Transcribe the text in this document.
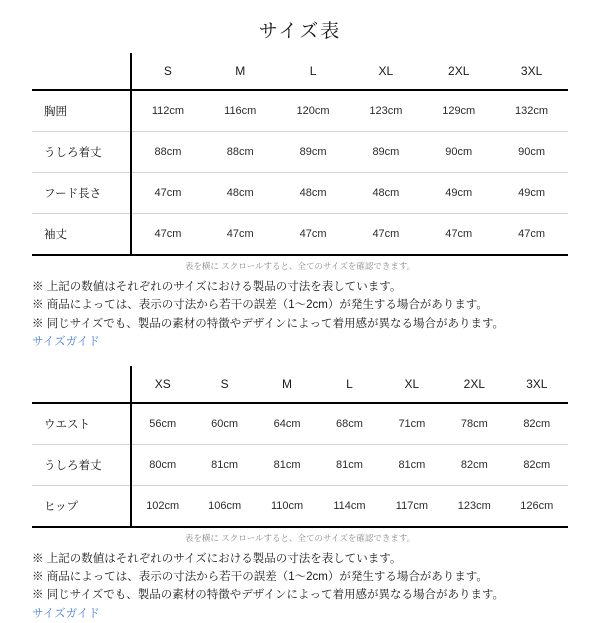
サイズ表
	S	M	L	XL	2XL	3XL
胸囲	112cm	116cm	120cm	123cm	129cm	132cm
うしろ着丈	88cm	88cm	89cm	89cm	90cm	90cm
フード長さ	47cm	48cm	48cm	48cm	49cm	49cm
袖丈	47cm	47cm	47cm	47cm	47cm	47cm
表を横に スクロールすると、全てのサイズを確認できます。
※ 上記の数値はそれぞれのサイズにおける製品の寸法を表しています。
※ 商品によっては、表示の寸法から若干の誤差（1〜2cm）が発生する場合があります。
※ 同じサイズでも、製品の素材の特徴やデザインによって着用感が異なる場合があります。
サイズガイド
	XS	S	M	L	XL	2XL	3XL
ウエスト	56cm	60cm	64cm	68cm	71cm	78cm	82cm
うしろ着丈	80cm	81cm	81cm	81cm	81cm	82cm	82cm
ヒップ	102cm	106cm	110cm	114cm	117cm	123cm	126cm
表を横に スクロールすると、全てのサイズを確認できます。
※ 上記の数値はそれぞれのサイズにおける製品の寸法を表しています。
※ 商品によっては、表示の寸法から若干の誤差（1〜2cm）が発生する場合があります。
※ 同じサイズでも、製品の素材の特徴やデザインによって着用感が異なる場合があります。
サイズガイド
